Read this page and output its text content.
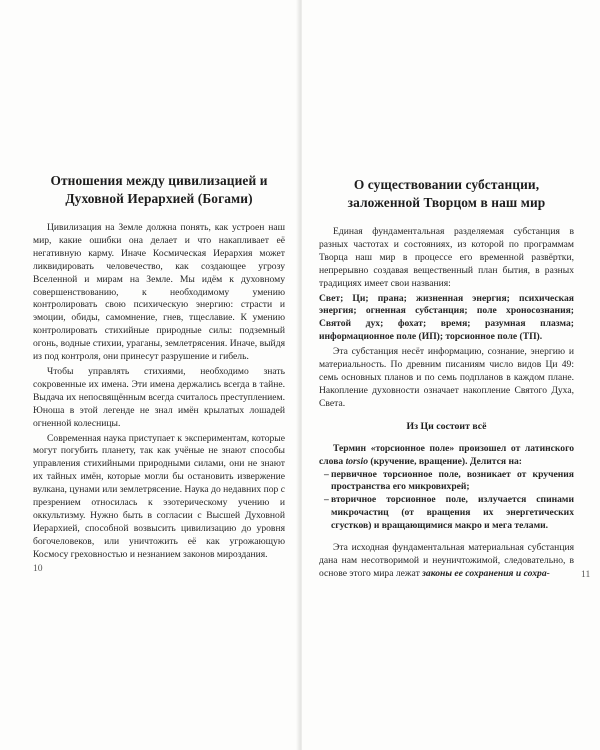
Отношения между цивилизацией и Духовной Иерархией (Богами)

Цивилизация на Земле должна понять, как устроен наш мир, какие ошибки она делает и что накапливает её негативную карму. Иначе Космическая Иерархия может ликвидировать человечество, как создающее угрозу Вселенной и мирам на Земле. Мы идём к духовному совершенствованию, к необходимому умению контролировать свою психическую энергию: страсти и эмоции, обиды, самомнение, гнев, тщеславие. К умению контролировать стихийные природные силы: подземный огонь, водные стихии, ураганы, землетрясения. Иначе, выйдя из под контроля, они принесут разрушение и гибель.

Чтобы управлять стихиями, необходимо знать сокровенные их имена. Эти имена держались всегда в тайне. Выдача их непосвящённым всегда считалось преступлением. Юноша в этой легенде не знал имён крылатых лошадей огненной колесницы.

Современная наука приступает к экспериментам, которые могут погубить планету, так как учёные не знают способы управления стихийными природными силами, они не знают их тайных имён, которые могли бы остановить извержение вулкана, цунами или землетрясение. Наука до недавних пор с презрением относилась к эзотерическому учению и оккультизму. Нужно быть в согласии с Высшей Духовной Иерархией, способной возвысить цивилизацию до уровня богочеловеков, или уничтожить её как угрожающую Космосу греховностью и незнанием законов мироздания.

10
О существовании субстанции, заложенной Творцом в наш мир

Единая фундаментальная разделяемая субстанция в разных частотах и состояниях, из которой по программам Творца наш мир в процессе его временной развёртки, непрерывно создавая вещественный план бытия, в разных традициях имеет свои названия:

Свет; Ци; прана; жизненная энергия; психическая энергия; огненная субстанция; поле хроносознания; Святой дух; фохат; время; разумная плазма; информационное поле (ИП); торсионное поле (ТП).

Эта субстанция несёт информацию, сознание, энергию и материальность. По древним писаниям число видов Ци 49: семь основных планов и по семь подпланов в каждом плане. Накопление духовности означает накопление Святого Духа, Света.

Из Ци состоит всё

Термин «торсионное поле» произошел от латинского слова torsio (кручение, вращение). Делится на:

– первичное торсионное поле, возникает от кручения пространства его микровихрей;
– вторичное торсионное поле, излучается спинами микрочастиц (от вращения их энергетических сгустков) и вращающимися макро и мега телами.

Эта исходная фундаментальная материальная субстанция дана нам несотворимой и неуничтожимой, следовательно, в основе этого мира лежат законы ее сохранения и сохра-	11
